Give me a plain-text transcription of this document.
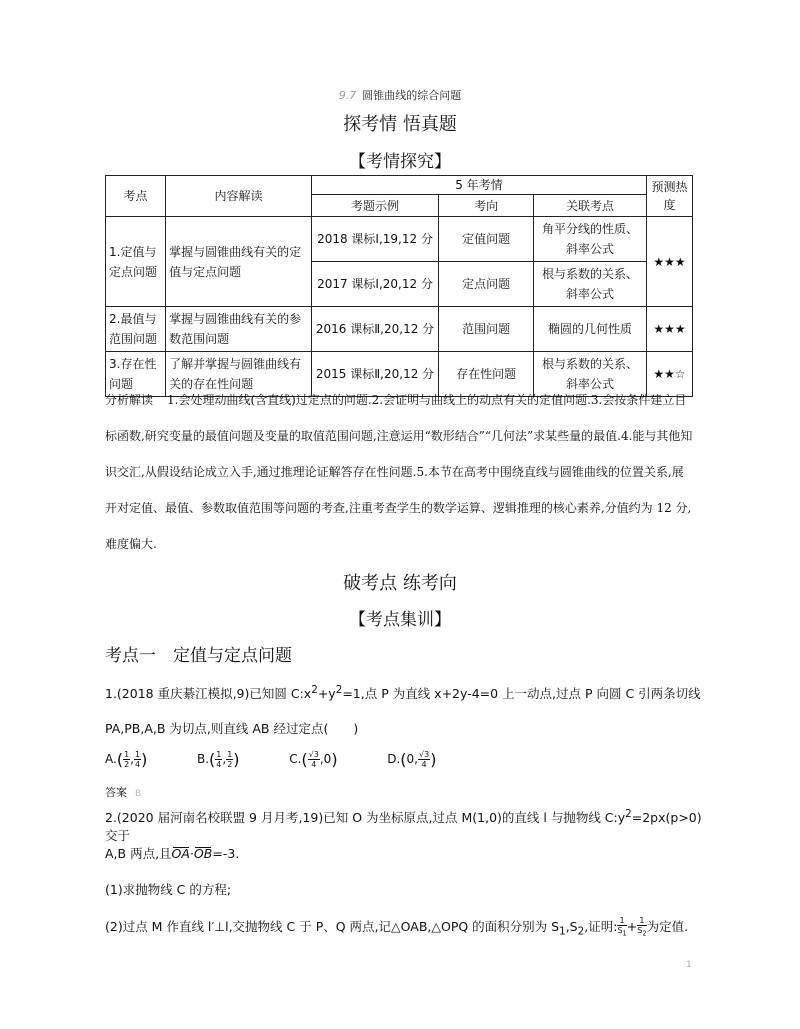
9.7 圆锥曲线的综合问题
探考情 悟真题
【考情探究】
考点	内容解读	5 年考情			预测热度
		考题示例	考向	关联考点	
1.定值与定点问题	掌握与圆锥曲线有关的定值与定点问题	2018 课标Ⅰ,19,12 分	定值问题	角平分线的性质、斜率公式	★★★
		2017 课标Ⅰ,20,12 分	定点问题	根与系数的关系、斜率公式	
2.最值与范围问题	掌握与圆锥曲线有关的参数范围问题	2016 课标Ⅱ,20,12 分	范围问题	椭圆的几何性质	★★★
3.存在性问题	了解并掌握与圆锥曲线有关的存在性问题	2015 课标Ⅱ,20,12 分	存在性问题	根与系数的关系、斜率公式	★★☆
分析解读 1.会处理动曲线(含直线)过定点的问题.2.会证明与曲线上的动点有关的定值问题.3.会按条件建立目标函数,研究变量的最值问题及变量的取值范围问题,注意运用“数形结合”“几何法”求某些量的最值.4.能与其他知识交汇,从假设结论成立入手,通过推理论证解答存在性问题.5.本节在高考中围绕直线与圆锥曲线的位置关系,展开对定值、最值、参数取值范围等问题的考查,注重考查学生的数学运算、逻辑推理的核心素养,分值约为 12 分,难度偏大.
破考点 练考向
【考点集训】
考点一　定值与定点问题
1.(2018 重庆綦江模拟,9)已知圆 $C:x^2+y^2=1$,点 P 为直线 x+2y-4=0 上一动点,过点 P 向圆 C 引两条切线
PA,PB,A,B 为切点,则直线 AB 经过定点(　　)
$A.( \frac{1}{2}$ , $\frac{1}{4}$ )	$B.( \frac{1}{4}$ , $\frac{1}{2}$ )	$C.( \frac{√3}{4} ,0)$	D.(0, $\frac{√3}{4}$ )
答案 B
2.(2020 届河南名校联盟 9 月月考,19)已知 O 为坐标原点,过点 M(1,0)的直线 l 与抛物线 $C:y^2=2px(p>0)$交于
A,B 两点,且OA·OB=-3.
(1)求抛物线 C 的方程;
(2)过点 M 作直线 l′⊥l,交抛物线 C 于 P、Q 两点,记△OAB,△OPQ 的面积分别为 $S_1,S_2$,证明: $\frac{1}{S_1} + \frac{1}{S_2}$ 为定值.
1
